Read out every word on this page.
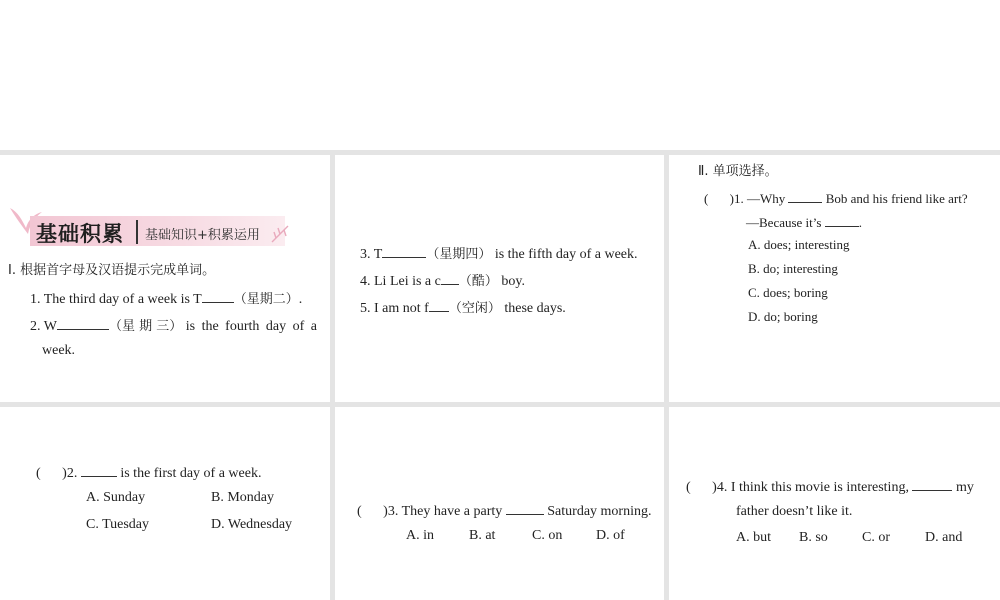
基础积累 基础知识+积累运用
Ⅰ. 根据首字母及汉语提示完成单词。
1. The third day of a week is T （星期二）.
2. W	（星 期 三） is the fourth day of a
week.
3. T	（星期四） is the fifth day of a week.
4. Li Lei is a c （酷） boy.
5. I am not f （空闲） these days.
Ⅱ. 单项选择。
( )1. —Why	Bob and his friend like art?
—Because it’s	.
A. does; interesting
B. do; interesting
C. does; boring
D. do; boring
( )2.	is the first day of a week.
A. Sunday	B. Monday
C. Tuesday	D. Wednesday
( )3. They have a party	Saturday morning.
A. in	B. at	C. on D. of
( )4. I think this movie is interesting,	my
father doesn’t like it.
A. but B. so C. or	D. and
